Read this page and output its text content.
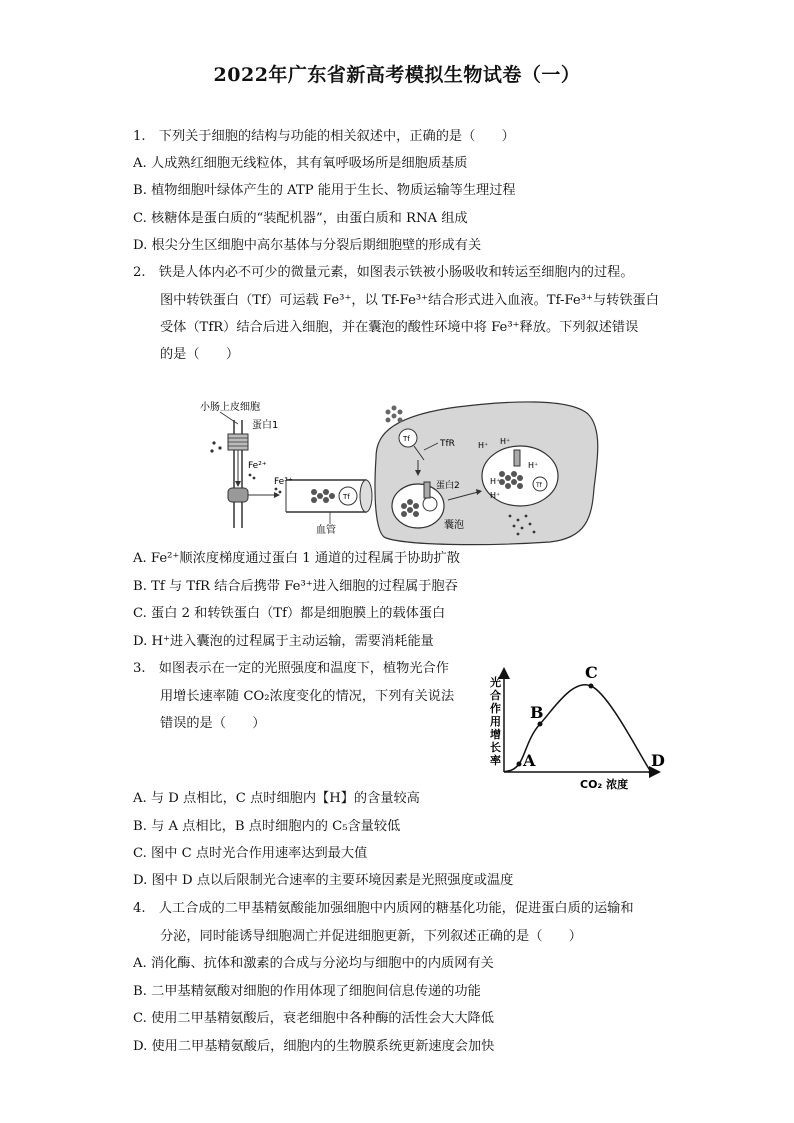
2022年广东省新高考模拟生物试卷（一）
1.　下列关于细胞的结构与功能的相关叙述中，正确的是（　　）
A. 人成熟红细胞无线粒体，其有氧呼吸场所是细胞质基质
B. 植物细胞叶绿体产生的 ATP 能用于生长、物质运输等生理过程
C. 核糖体是蛋白质的“装配机器”，由蛋白质和 RNA 组成
D. 根尖分生区细胞中高尔基体与分裂后期细胞壁的形成有关
2.　铁是人体内必不可少的微量元素，如图表示铁被小肠吸收和转运至细胞内的过程。
图中转铁蛋白（Tf）可运载 Fe³⁺，以 Tf-Fe³⁺结合形式进入血液。Tf-Fe³⁺与转铁蛋白
受体（TfR）结合后进入细胞，并在囊泡的酸性环境中将 Fe³⁺释放。下列叙述错误
的是（　　）
小肠上皮细胞
蛋白1
Fe²⁺
Fe³⁺
Tf
血管
Tf	TfR
蛋白2
囊泡
Tf
H⁺ H⁺
H⁺
H⁺
H⁺
A. Fe²⁺顺浓度梯度通过蛋白 1 通道的过程属于协助扩散
B. Tf 与 TfR 结合后携带 Fe³⁺进入细胞的过程属于胞吞
C. 蛋白 2 和转铁蛋白（Tf）都是细胞膜上的载体蛋白
D. H⁺进入囊泡的过程属于主动运输，需要消耗能量
3.　如图表示在一定的光照强度和温度下，植物光合作
用增长速率随 CO₂浓度变化的情况，下列有关说法
错误的是（　　）
光合作用增长率
CO₂ 浓度
A
B
C
D
A. 与 D 点相比，C 点时细胞内【H】的含量较高
B. 与 A 点相比，B 点时细胞内的 C₅含量较低
C. 图中 C 点时光合作用速率达到最大值
D. 图中 D 点以后限制光合速率的主要环境因素是光照强度或温度
4.　人工合成的二甲基精氨酸能加强细胞中内质网的糖基化功能，促进蛋白质的运输和
分泌，同时能诱导细胞凋亡并促进细胞更新，下列叙述正确的是（　　）
A. 消化酶、抗体和激素的合成与分泌均与细胞中的内质网有关
B. 二甲基精氨酸对细胞的作用体现了细胞间信息传递的功能
C. 使用二甲基精氨酸后，衰老细胞中各种酶的活性会大大降低
D. 使用二甲基精氨酸后，细胞内的生物膜系统更新速度会加快
